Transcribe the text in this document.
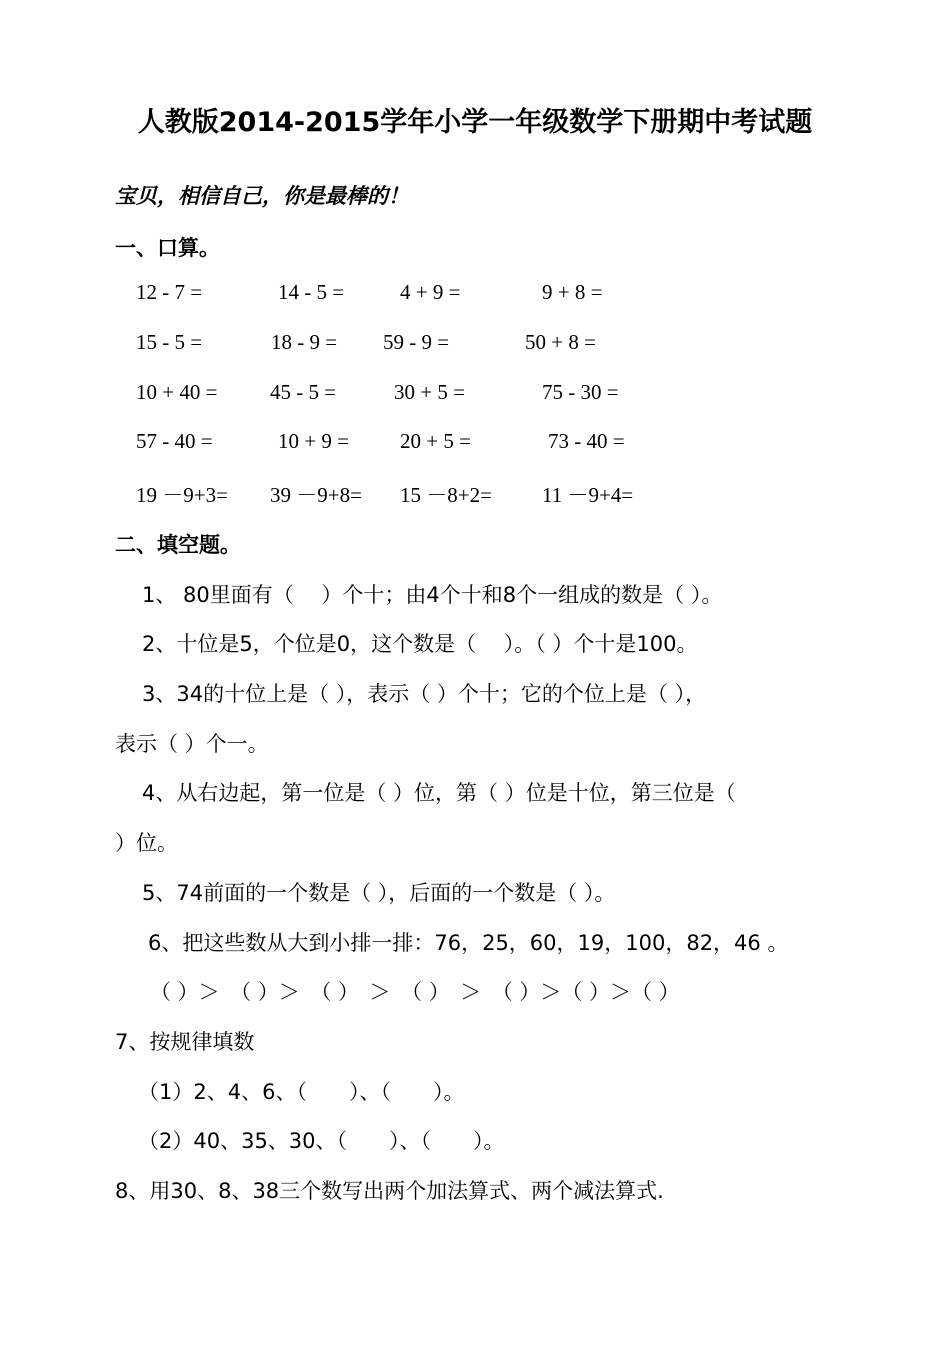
人教版2014-2015学年小学一年级数学下册期中考试题
宝贝，相信自己，你是最棒的！
一、口算。
12 - 7 =	14 - 5 =	4 + 9 =	9 + 8 =
15 - 5 =	18 - 9 = 59 - 9 =	50 + 8 =
10 + 40 =	45 - 5 =	30 + 5 =	75 - 30 =
57 - 40 =	10 + 9 = 20 + 5 =	73 - 40 =
19 －9+3= 39 －9+8= 15 －8+2= 11 －9+4=
二、填空题。
1、 80里面有（　 ）个十；由4个十和8个一组成的数是（ ）。
2、十位是5，个位是0，这个数是（　 ）。（ ）个十是100。
3、34的十位上是（ ），表示（ ）个十；它的个位上是（ ），
表示（ ）个一。
4、从右边起，第一位是（ ）位，第（ ）位是十位，第三位是（
）位。
5、74前面的一个数是（ ），后面的一个数是（ ）。
6、把这些数从大到小排一排：76，25，60，19，100，82，46 。
（ ）＞　（ ）＞　（ ）　＞　（ ）　＞　（ ）＞（ ）＞（ ）
7、按规律填数
（1）2、4、6、（　　）、（　　）。
（2）40、35、30、（　　）、（　　）。
8、用30、8、38三个数写出两个加法算式、两个减法算式.
